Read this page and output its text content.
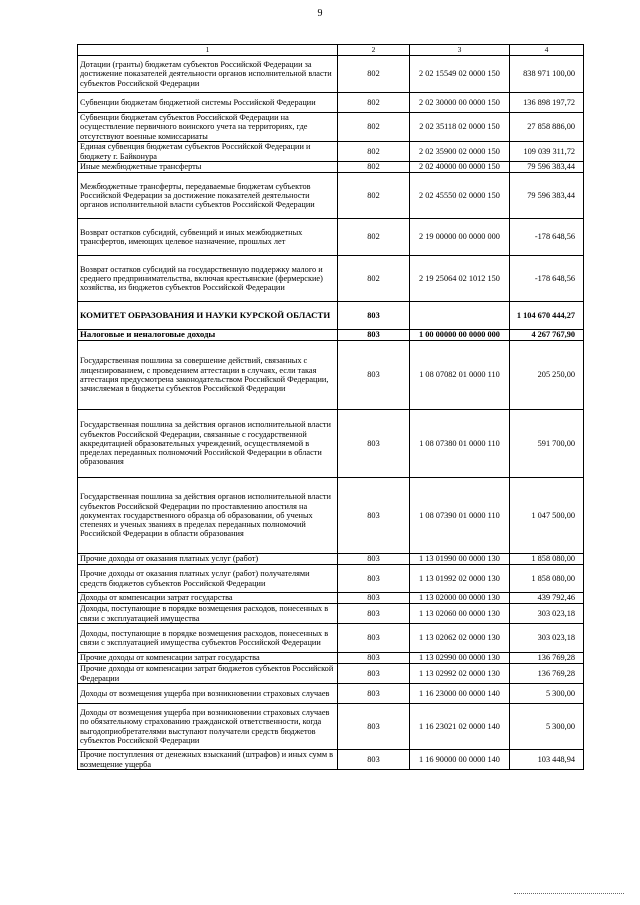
9
1	2	3	4
Дотации (гранты) бюджетам субъектов Российской Федерации за достижение показателей деятельности органов исполнительной власти субъектов Российской Федерации	802	2 02 15549 02 0000 150	838 971 100,00
Субвенции бюджетам бюджетной системы Российской Федерации	802	2 02 30000 00 0000 150	136 898 197,72
Субвенции бюджетам субъектов Российской Федерации на осуществление первичного воинского учета на территориях, где отсутствуют военные комиссариаты	802	2 02 35118 02 0000 150	27 858 886,00
Единая субвенция бюджетам субъектов Российской Федерации и бюджету г. Байконура	802	2 02 35900 02 0000 150	109 039 311,72
Иные межбюджетные трансферты	802	2 02 40000 00 0000 150	79 596 383,44
Межбюджетные трансферты, передаваемые бюджетам субъектов Российской Федерации за достижение показателей деятельности органов исполнительной власти субъектов Российской Федерации	802	2 02 45550 02 0000 150	79 596 383,44
Возврат остатков субсидий, субвенций и иных межбюджетных трансфертов, имеющих целевое назначение, прошлых лет	802	2 19 00000 00 0000 000	-178 648,56
Возврат остатков субсидий на государственную поддержку малого и среднего предпринимательства, включая крестьянские (фермерские) хозяйства, из бюджетов субъектов Российской Федерации	802	2 19 25064 02 1012 150	-178 648,56
КОМИТЕТ ОБРАЗОВАНИЯ И НАУКИ КУРСКОЙ ОБЛАСТИ	803		1 104 670 444,27
Налоговые и неналоговые доходы	803	1 00 00000 00 0000 000	4 267 767,90
Государственная пошлина за совершение действий, связанных с лицензированием, с проведением аттестации в случаях, если такая аттестация предусмотрена законодательством Российской Федерации, зачисляемая в бюджеты субъектов Российской Федерации	803	1 08 07082 01 0000 110	205 250,00
Государственная пошлина за действия органов исполнительной власти субъектов Российской Федерации, связанные с государственной аккредитацией образовательных учреждений, осуществляемой в пределах переданных полномочий Российской Федерации в области образования	803	1 08 07380 01 0000 110	591 700,00
Государственная пошлина за действия органов исполнительной власти субъектов Российской Федерации по проставлению апостиля на документах государственного образца об образовании, об ученых степенях и ученых званиях в пределах переданных полномочий Российской Федерации в области образования	803	1 08 07390 01 0000 110	1 047 500,00
Прочие доходы от оказания платных услуг (работ)	803	1 13 01990 00 0000 130	1 858 080,00
Прочие доходы от оказания платных услуг (работ) получателями средств бюджетов субъектов Российской Федерации	803	1 13 01992 02 0000 130	1 858 080,00
Доходы от компенсации затрат государства	803	1 13 02000 00 0000 130	439 792,46
Доходы, поступающие в порядке возмещения расходов, понесенных в связи с эксплуатацией имущества	803	1 13 02060 00 0000 130	303 023,18
Доходы, поступающие в порядке возмещения расходов, понесенных в связи с эксплуатацией имущества субъектов Российской Федерации	803	1 13 02062 02 0000 130	303 023,18
Прочие доходы от компенсации затрат государства	803	1 13 02990 00 0000 130	136 769,28
Прочие доходы от компенсации затрат бюджетов субъектов Российской Федерации	803	1 13 02992 02 0000 130	136 769,28
Доходы от возмещения ущерба при возникновении страховых случаев	803	1 16 23000 00 0000 140	5 300,00
Доходы от возмещения ущерба при возникновении страховых случаев по обязательному страхованию гражданской ответственности, когда выгодоприобретателями выступают получатели средств бюджетов субъектов Российской Федерации	803	1 16 23021 02 0000 140	5 300,00
Прочие поступления от денежных взысканий (штрафов) и иных сумм в возмещение ущерба	803	1 16 90000 00 0000 140	103 448,94
